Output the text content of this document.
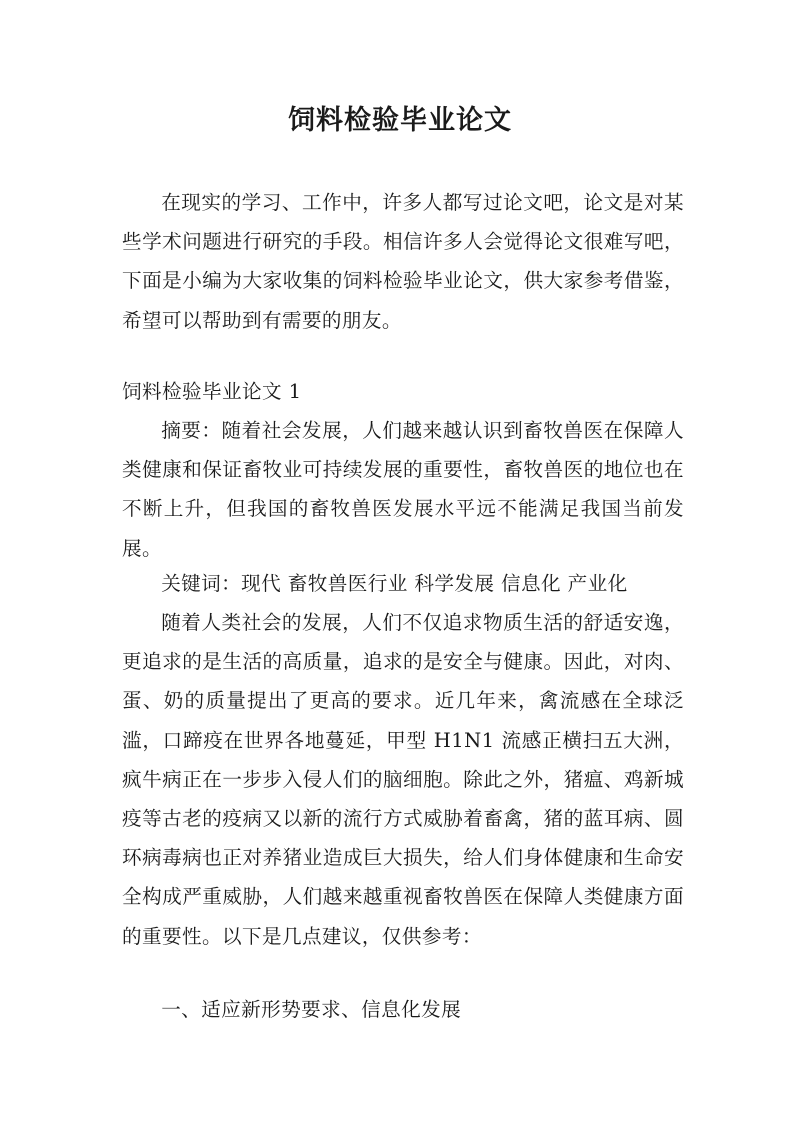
饲料检验毕业论文

在现实的学习、工作中，许多人都写过论文吧，论文是对某些学术问题进行研究的手段。相信许多人会觉得论文很难写吧，下面是小编为大家收集的饲料检验毕业论文，供大家参考借鉴，希望可以帮助到有需要的朋友。

饲料检验毕业论文 1

摘要：随着社会发展，人们越来越认识到畜牧兽医在保障人类健康和保证畜牧业可持续发展的重要性，畜牧兽医的地位也在不断上升，但我国的畜牧兽医发展水平远不能满足我国当前发展。

关键词：现代 畜牧兽医行业 科学发展 信息化 产业化

随着人类社会的发展，人们不仅追求物质生活的舒适安逸，更追求的是生活的高质量，追求的是安全与健康。因此，对肉、蛋、奶的质量提出了更高的要求。近几年来，禽流感在全球泛滥，口蹄疫在世界各地蔓延，甲型 H1N1 流感正横扫五大洲，疯牛病正在一步步入侵人们的脑细胞。除此之外，猪瘟、鸡新城疫等古老的疫病又以新的流行方式威胁着畜禽，猪的蓝耳病、圆环病毒病也正对养猪业造成巨大损失，给人们身体健康和生命安全构成严重威胁，人们越来越重视畜牧兽医在保障人类健康方面的重要性。以下是几点建议，仅供参考：

一、适应新形势要求、信息化发展
